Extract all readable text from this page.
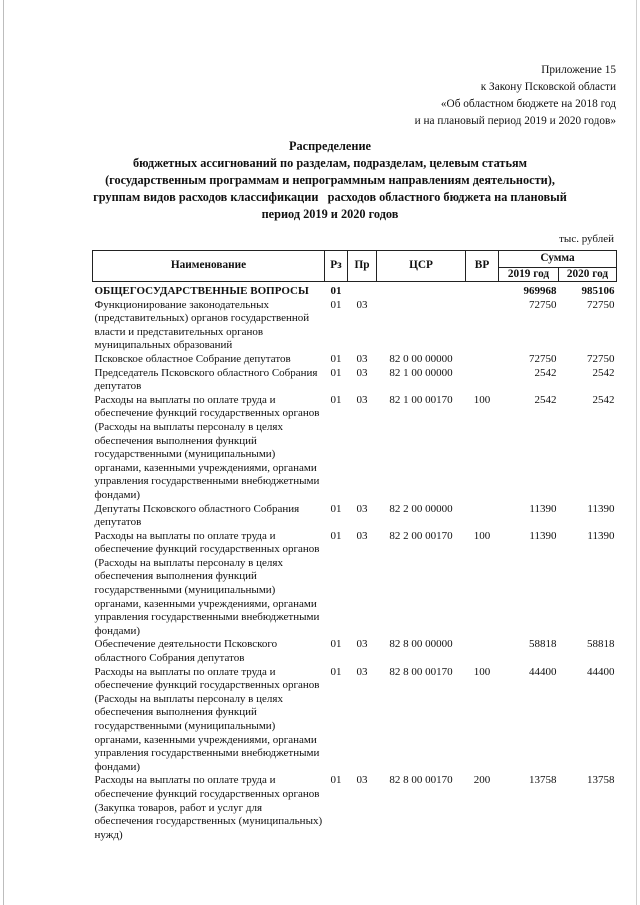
Приложение 15
к Закону Псковской области
«Об областном бюджете на 2018 год
и на плановый период 2019 и 2020 годов»
Распределение
бюджетных ассигнований по разделам, подразделам, целевым статьям
(государственным программам и непрограммным направлениям деятельности),
группам видов расходов классификации   расходов областного бюджета на плановый
период 2019 и 2020 годов
тыс. рублей
Наименование	Рз	Пр	ЦСР	ВР	Сумма	
					2019 год	2020 год
ОБЩЕГОСУДАРСТВЕННЫЕ ВОПРОСЫ	01				969968	985106
Функционирование законодательных (представительных) органов государственной власти и представительных органов муниципальных образований	01	03			72750	72750
Псковское областное Собрание депутатов	01	03	82 0 00 00000		72750	72750
Председатель Псковского областного Собрания депутатов	01	03	82 1 00 00000		2542	2542
Расходы на выплаты по оплате труда и обеспечение функций государственных органов (Расходы на выплаты персоналу в целях обеспечения выполнения функций государственными (муниципальными) органами, казенными учреждениями, органами управления государственными внебюджетными фондами)	01	03	82 1 00 00170	100	2542	2542
Депутаты Псковского областного Собрания депутатов	01	03	82 2 00 00000		11390	11390
Расходы на выплаты по оплате труда и обеспечение функций государственных органов (Расходы на выплаты персоналу в целях обеспечения выполнения функций государственными (муниципальными) органами, казенными учреждениями, органами управления государственными внебюджетными фондами)	01	03	82 2 00 00170	100	11390	11390
Обеспечение деятельности Псковского областного Собрания депутатов	01	03	82 8 00 00000		58818	58818
Расходы на выплаты по оплате труда и обеспечение функций государственных органов (Расходы на выплаты персоналу в целях обеспечения выполнения функций государственными (муниципальными) органами, казенными учреждениями, органами управления государственными внебюджетными фондами)	01	03	82 8 00 00170	100	44400	44400
Расходы на выплаты по оплате труда и обеспечение функций государственных органов (Закупка товаров, работ и услуг для обеспечения государственных (муниципальных) нужд)	01	03	82 8 00 00170	200	13758	13758
